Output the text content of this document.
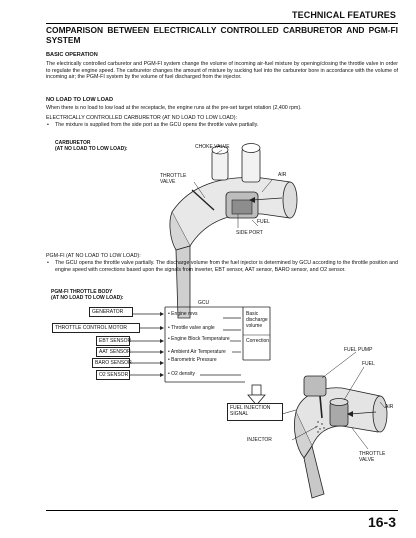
TECHNICAL FEATURES
COMPARISON BETWEEN ELECTRICALLY CONTROLLED CARBURETOR AND PGM-FI SYSTEM
BASIC OPERATION
The electrically controlled carburetor and PGM-FI system change the volume of incoming air-fuel mixture by opening/closing the throttle valve in order to regulate the engine speed. The carburetor changes the amount of mixture by sucking fuel into the carburetor bore in accordance with the volume of incoming air; the PGM-FI system by the volume of fuel discharged from the injector.
NO LOAD TO LOW LOAD
When there is no load to low load at the receptacle, the engine runs at the pre-set target rotation (2,400 rpm).
ELECTRICALLY CONTROLLED CARBURETOR (AT NO LOAD TO LOW LOAD):
•	The mixture is supplied from the side port as the GCU opens the throttle valve partially.
CARBURETOR
(AT NO LOAD TO LOW LOAD):	CHOKE VALVE
THROTTLE
VALVE
AIR
FUEL
SIDE PORT
PGM-FI (AT NO LOAD TO LOW LOAD):
•	The GCU opens the throttle valve partially. The discharge volume from the fuel injector is determined by GCU according to the throttle position and engine speed with corrections based upon the signals from inverter, EBT sensor, AAT sensor, BARO sensor, and O2 sensor.
PGM-FI THROTTLE BODY
(AT NO LOAD TO LOW LOAD):
GCU
GENERATOR
THROTTLE CONTROL MOTOR
EBT SENSOR
AAT SENSOR
BARO SENSOR
O2 SENSOR
• Engine revs
• Throttle valve angle
• Engine Block Temperature
• Ambient Air Temperature
• Barometric Pressure
• O2 density
Basic
discharge
volume
Correction
FUEL INJECTION
SIGNAL
FUEL PUMP
FUEL
AIR
INJECTOR
THROTTLE
VALVE
16-3
